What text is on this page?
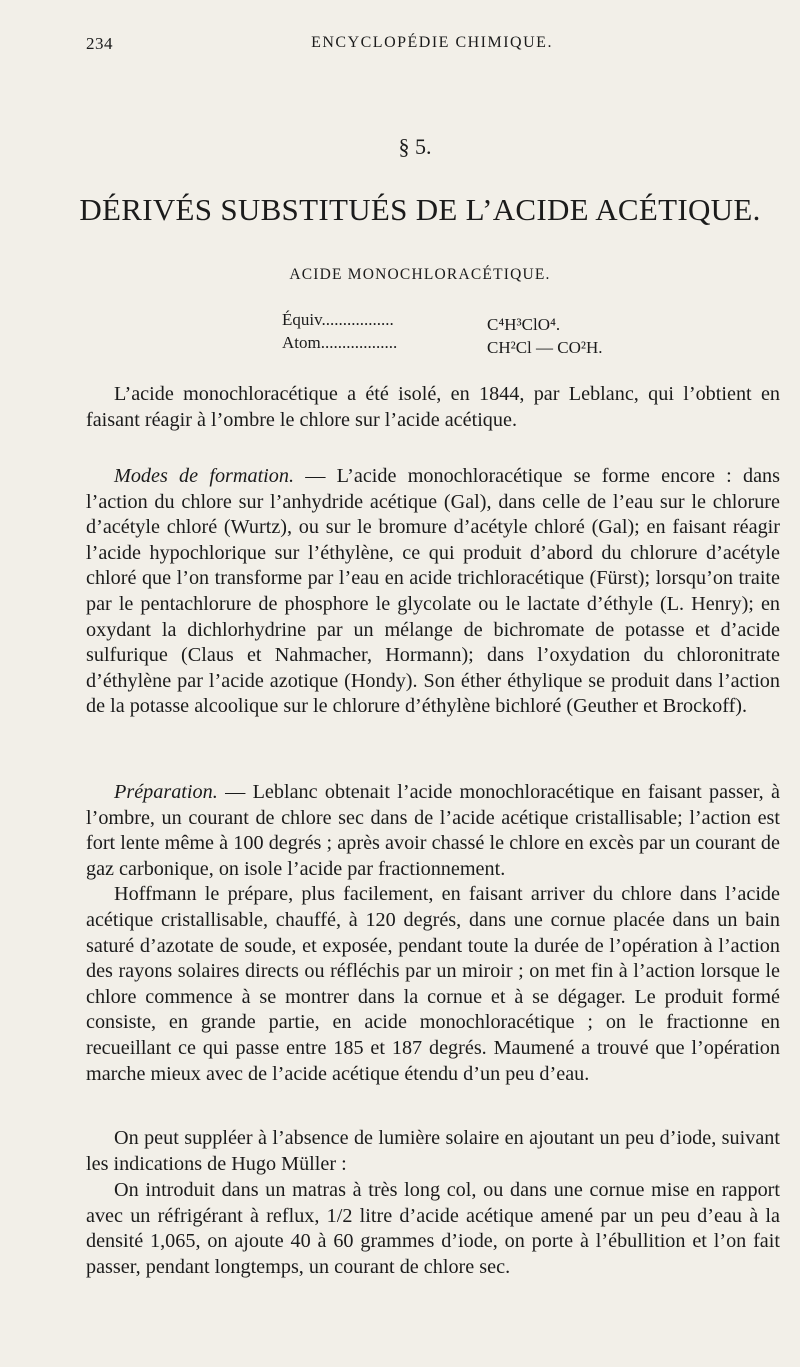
234	ENCYCLOPÉDIE CHIMIQUE.
§ 5.
DÉRIVÉS SUBSTITUÉS DE L’ACIDE ACÉTIQUE.
ACIDE MONOCHLORACÉTIQUE.
Équiv.................	C⁴H³ClO⁴.
Atom..................	CH²Cl — CO²H.

L’acide monochloracétique a été isolé, en 1844, par Leblanc, qui l’obtient en faisant réagir à l’ombre le chlore sur l’acide acétique.

Modes de formation. — L’acide monochloracétique se forme encore : dans l’action du chlore sur l’anhydride acétique (Gal), dans celle de l’eau sur le chlorure d’acétyle chloré (Wurtz), ou sur le bromure d’acétyle chloré (Gal); en faisant réagir l’acide hypochlorique sur l’éthylène, ce qui produit d’abord du chlorure d’acétyle chloré que l’on transforme par l’eau en acide trichloracétique (Fürst); lorsqu’on traite par le pentachlorure de phosphore le glycolate ou le lactate d’éthyle (L. Henry); en oxydant la dichlorhydrine par un mélange de bichromate de potasse et d’acide sulfurique (Claus et Nahmacher, Hormann); dans l’oxydation du chloronitrate d’éthylène par l’acide azotique (Hondy). Son éther éthylique se produit dans l’action de la potasse alcoolique sur le chlorure d’éthylène bichloré (Geuther et Brockoff).

Préparation. — Leblanc obtenait l’acide monochloracétique en faisant passer, à l’ombre, un courant de chlore sec dans de l’acide acétique cristallisable; l’action est fort lente même à 100 degrés ; après avoir chassé le chlore en excès par un courant de gaz carbonique, on isole l’acide par fractionnement.

Hoffmann le prépare, plus facilement, en faisant arriver du chlore dans l’acide acétique cristallisable, chauffé, à 120 degrés, dans une cornue placée dans un bain saturé d’azotate de soude, et exposée, pendant toute la durée de l’opération à l’action des rayons solaires directs ou réfléchis par un miroir ; on met fin à l’action lorsque le chlore commence à se montrer dans la cornue et à se dégager. Le produit formé consiste, en grande partie, en acide monochloracétique ; on le fractionne en recueillant ce qui passe entre 185 et 187 degrés. Maumené a trouvé que l’opération marche mieux avec de l’acide acétique étendu d’un peu d’eau.

On peut suppléer à l’absence de lumière solaire en ajoutant un peu d’iode, suivant les indications de Hugo Müller :

On introduit dans un matras à très long col, ou dans une cornue mise en rapport avec un réfrigérant à reflux, 1/2 litre d’acide acétique amené par un peu d’eau à la densité 1,065, on ajoute 40 à 60 grammes d’iode, on porte à l’ébullition et l’on fait passer, pendant longtemps, un courant de chlore sec.
